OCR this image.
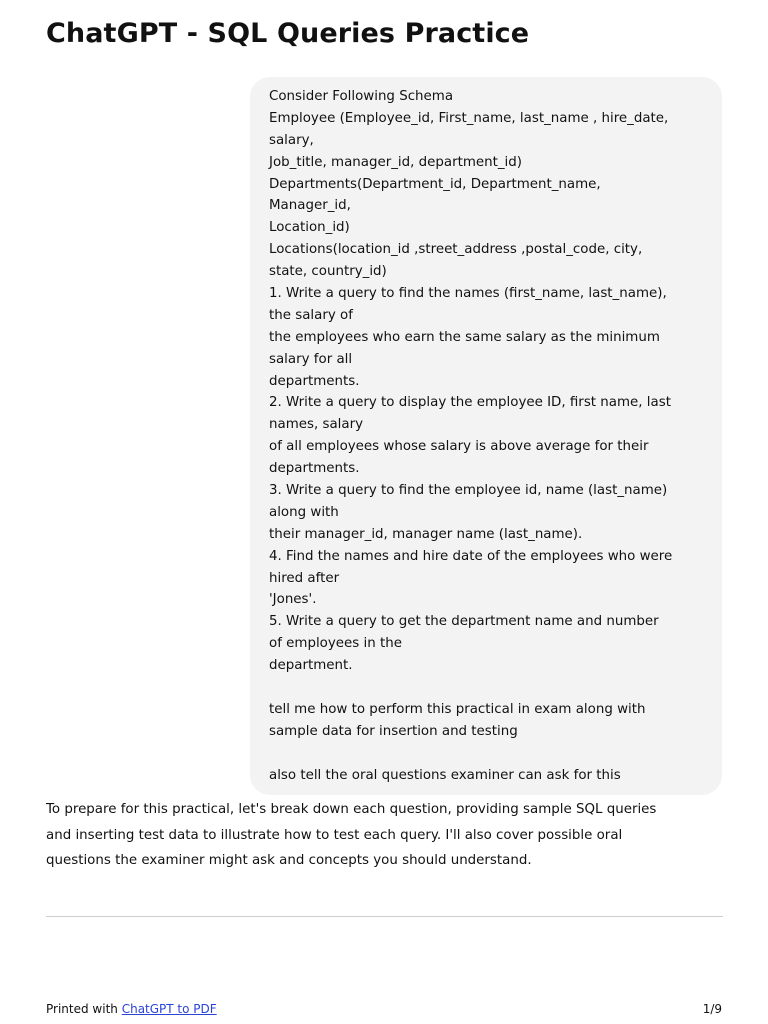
ChatGPT - SQL Queries Practice
Consider Following Schema
Employee (Employee_id, First_name, last_name , hire_date,
salary,
Job_title, manager_id, department_id)
Departments(Department_id, Department_name,
Manager_id,
Location_id)
Locations(location_id ,street_address ,postal_code, city,
state, country_id)
1. Write a query to find the names (first_name, last_name),
the salary of
the employees who earn the same salary as the minimum
salary for all
departments.
2. Write a query to display the employee ID, first name, last
names, salary
of all employees whose salary is above average for their
departments.
3. Write a query to find the employee id, name (last_name)
along with
their manager_id, manager name (last_name).
4. Find the names and hire date of the employees who were
hired after
'Jones'.
5. Write a query to get the department name and number
of employees in the
department.
tell me how to perform this practical in exam along with
sample data for insertion and testing
also tell the oral questions examiner can ask for this
To prepare for this practical, let's break down each question, providing sample SQL queries
and inserting test data to illustrate how to test each query. I'll also cover possible oral
questions the examiner might ask and concepts you should understand.
Printed with ChatGPT to PDF	1/9
